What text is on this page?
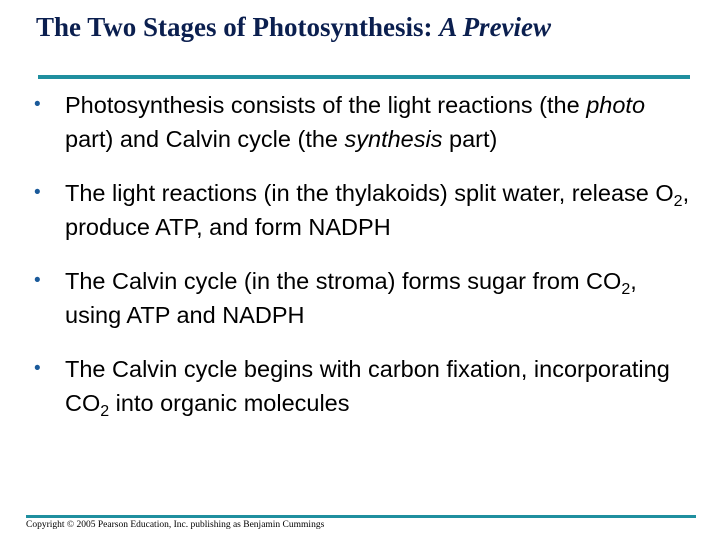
The Two Stages of Photosynthesis: A Preview
• Photosynthesis consists of the light reactions (the photo part) and Calvin cycle (the synthesis part)
• The light reactions (in the thylakoids) split water, release $O_2$, produce ATP, and form NADPH
• The Calvin cycle (in the stroma) forms sugar from $CO_2$, using ATP and NADPH
• The Calvin cycle begins with carbon fixation, incorporating $CO_2$ into organic molecules

Copyright © 2005 Pearson Education, Inc. publishing as Benjamin Cummings
